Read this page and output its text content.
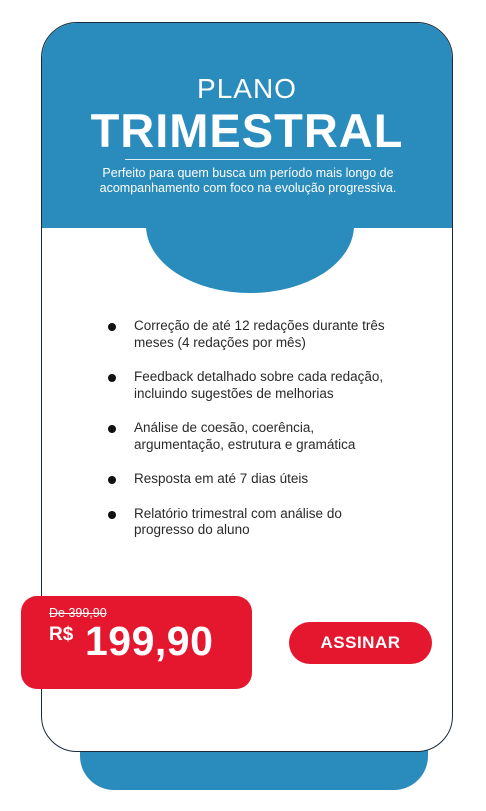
PLANO
TRIMESTRAL
Perfeito para quem busca um período mais longo de acompanhamento com foco na evolução progressiva.
Correção de até 12 redações durante três meses (4 redações por mês)
Feedback detalhado sobre cada redação, incluindo sugestões de melhorias
Análise de coesão, coerência, argumentação, estrutura e gramática
Resposta em até 7 dias úteis
Relatório trimestral com análise do progresso do aluno
De 399,90
R$ 199,90	ASSINAR
